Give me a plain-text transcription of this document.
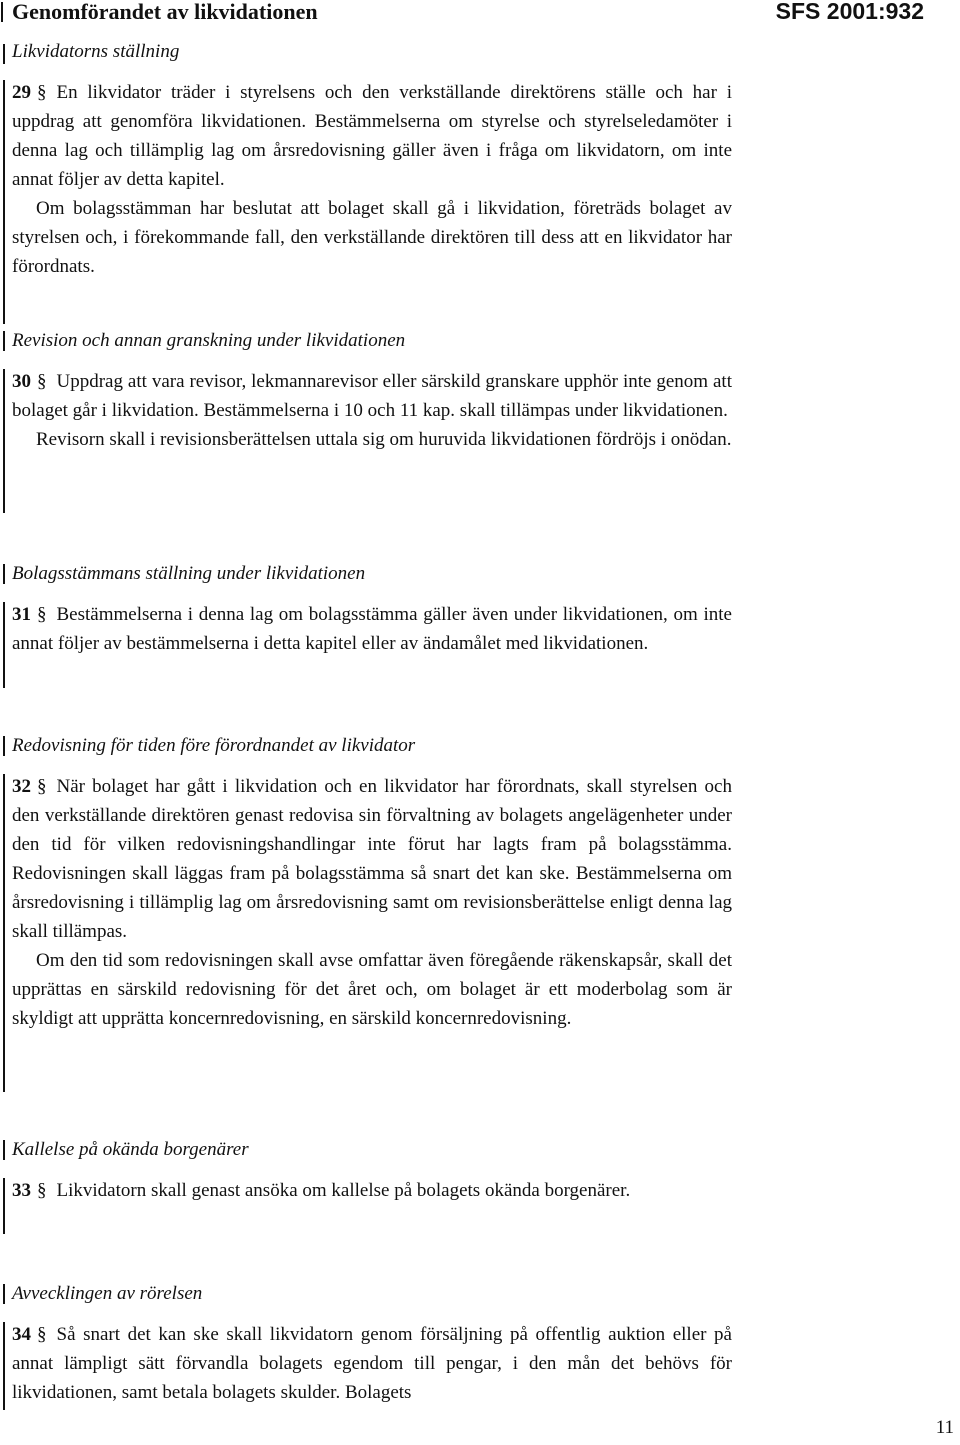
Genomförandet av likvidationen	SFS 2001:932
Likvidatorns ställning

29 § En likvidator träder i styrelsens och den verkställande direktörens ställe och har i uppdrag att genomföra likvidationen. Bestämmelserna om styrelse och styrelseledamöter i denna lag och tillämplig lag om årsredovisning gäller även i fråga om likvidatorn, om inte annat följer av detta kapitel.

Om bolagsstämman har beslutat att bolaget skall gå i likvidation, företräds bolaget av styrelsen och, i förekommande fall, den verkställande direktören till dess att en likvidator har förordnats.

Revision och annan granskning under likvidationen

30 § Uppdrag att vara revisor, lekmannarevisor eller särskild granskare upphör inte genom att bolaget går i likvidation. Bestämmelserna i 10 och 11 kap. skall tillämpas under likvidationen.

Revisorn skall i revisionsberättelsen uttala sig om huruvida likvidationen fördröjs i onödan.

Bolagsstämmans ställning under likvidationen

31 § Bestämmelserna i denna lag om bolagsstämma gäller även under likvidationen, om inte annat följer av bestämmelserna i detta kapitel eller av ändamålet med likvidationen.

Redovisning för tiden före förordnandet av likvidator

32 § När bolaget har gått i likvidation och en likvidator har förordnats, skall styrelsen och den verkställande direktören genast redovisa sin förvaltning av bolagets angelägenheter under den tid för vilken redovisningshandlingar inte förut har lagts fram på bolagsstämma. Redovisningen skall läggas fram på bolagsstämma så snart det kan ske. Bestämmelserna om årsredovisning i tillämplig lag om årsredovisning samt om revisionsberättelse enligt denna lag skall tillämpas.

Om den tid som redovisningen skall avse omfattar även föregående räkenskapsår, skall det upprättas en särskild redovisning för det året och, om bolaget är ett moderbolag som är skyldigt att upprätta koncernredovisning, en särskild koncernredovisning.

Kallelse på okända borgenärer

33 § Likvidatorn skall genast ansöka om kallelse på bolagets okända borgenärer.

Avvecklingen av rörelsen

34 § Så snart det kan ske skall likvidatorn genom försäljning på offentlig auktion eller på annat lämpligt sätt förvandla bolagets egendom till pengar, i den mån det behövs för likvidationen, samt betala bolagets skulder. Bolagets

11
